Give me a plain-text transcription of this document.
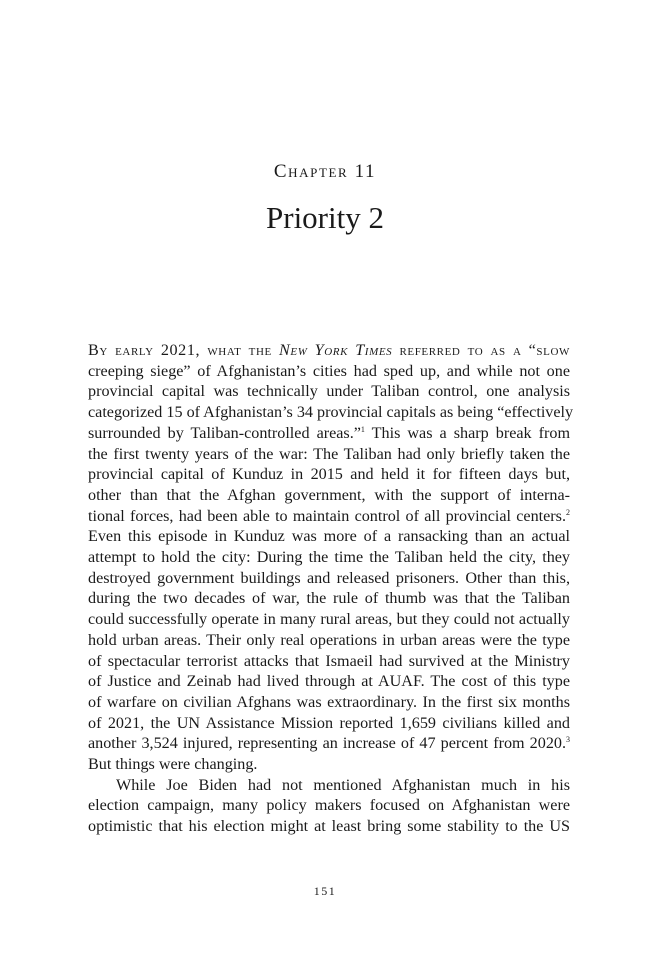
Chapter 11
Priority 2
By early 2021, what the New York Times referred to as a “slow
creeping siege” of Afghanistan’s cities had sped up, and while not one
provincial capital was technically under Taliban control, one analysis
categorized 15 of Afghanistan’s 34 provincial capitals as being “effectively
surrounded by Taliban-controlled areas.”$^1$ This was a sharp break from
the first twenty years of the war: The Taliban had only briefly taken the
provincial capital of Kunduz in 2015 and held it for fifteen days but,
other than that the Afghan government, with the support of interna-
tional forces, had been able to maintain control of all provincial centers.$^2$
Even this episode in Kunduz was more of a ransacking than an actual
attempt to hold the city: During the time the Taliban held the city, they
destroyed government buildings and released prisoners. Other than this,
during the two decades of war, the rule of thumb was that the Taliban
could successfully operate in many rural areas, but they could not actually
hold urban areas. Their only real operations in urban areas were the type
of spectacular terrorist attacks that Ismaeil had survived at the Ministry
of Justice and Zeinab had lived through at AUAF. The cost of this type
of warfare on civilian Afghans was extraordinary. In the first six months
of 2021, the UN Assistance Mission reported 1,659 civilians killed and
another 3,524 injured, representing an increase of 47 percent from 2020.$^3$
But things were changing.
While Joe Biden had not mentioned Afghanistan much in his
election campaign, many policy makers focused on Afghanistan were
optimistic that his election might at least bring some stability to the US
151
